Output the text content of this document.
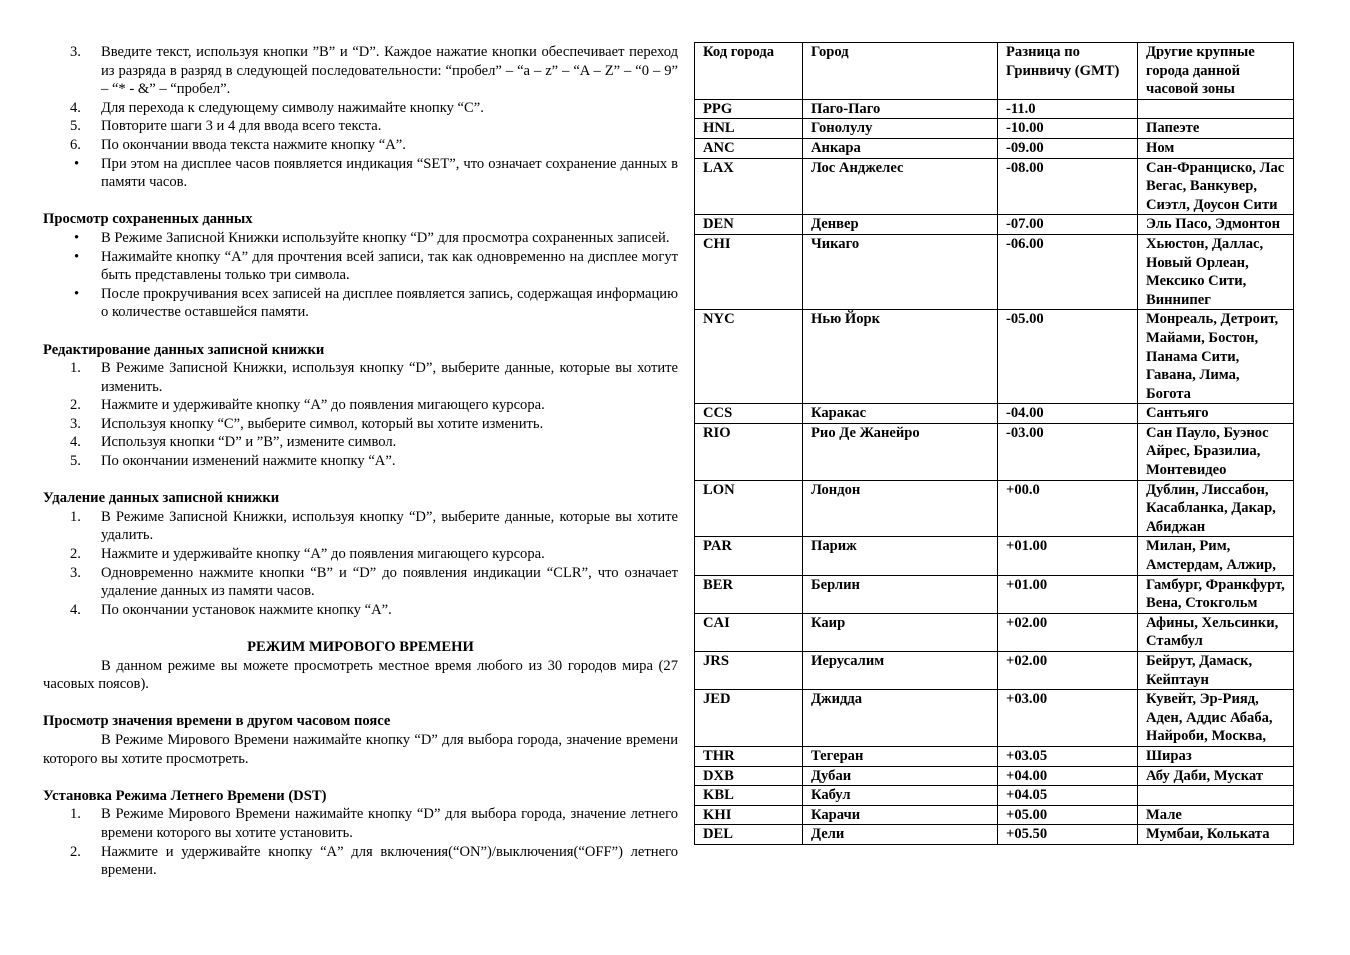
3. Введите текст, используя кнопки ”B” и “D”. Каждое нажатие кнопки обеспечивает переход из разряда в разряд в следующей последовательности: “пробел” – “a – z” – “A – Z” – “0 – 9” – “* - &” – “пробел”.
4. Для перехода к следующему символу нажимайте кнопку “C”.
5. Повторите шаги 3 и 4 для ввода всего текста.
6. По окончании ввода текста нажмите кнопку “A”.
• При этом на дисплее часов появляется индикация “SET”, что означает сохранение данных в памяти часов.

Просмотр сохраненных данных

• В Режиме Записной Книжки используйте кнопку “D” для просмотра сохраненных записей.
• Нажимайте кнопку “A” для прочтения всей записи, так как одновременно на дисплее могут быть представлены только три символа.
• После прокручивания всех записей на дисплее появляется запись, содержащая информацию о количестве оставшейся памяти.

Редактирование данных записной книжки

1. В Режиме Записной Книжки, используя кнопку “D”, выберите данные, которые вы хотите изменить.
2. Нажмите и удерживайте кнопку “A” до появления мигающего курсора.
3. Используя кнопку “C”, выберите символ, который вы хотите изменить.
4. Используя кнопки “D” и ”B”, измените символ.
5. По окончании изменений нажмите кнопку “A”.

Удаление данных записной книжки

1. В Режиме Записной Книжки, используя кнопку “D”, выберите данные, которые вы хотите удалить.
2. Нажмите и удерживайте кнопку “A” до появления мигающего курсора.
3. Одновременно нажмите кнопки “B” и “D” до появления индикации “CLR”, что означает удаление данных из памяти часов.
4. По окончании установок нажмите кнопку “A”.

РЕЖИМ МИРОВОГО ВРЕМЕНИ

В данном режиме вы можете просмотреть местное время любого из 30 городов мира (27 часовых поясов).

Просмотр значения времени в другом часовом поясе

В Режиме Мирового Времени нажимайте кнопку “D” для выбора города, значение времени которого вы хотите просмотреть.

Установка Режима Летнего Времени (DST)

1. В Режиме Мирового Времени нажимайте кнопку “D” для выбора города, значение летнего времени которого вы хотите установить.
2. Нажмите и удерживайте кнопку “A” для включения(“ON”)/выключения(“OFF”) летнего времени.
Код города	Город	Разница по Гринвичу (GMT)	Другие крупные города данной часовой зоны
PPG	Паго-Паго	-11.0	
HNL	Гонолулу	-10.00	Папеэте
ANC	Анкара	-09.00	Ном
LAX	Лос Анджелес	-08.00	Сан-Франциско, Лас Вегас, Ванкувер, Сиэтл, Доусон Сити
DEN	Денвер	-07.00	Эль Пасо, Эдмонтон
CHI	Чикаго	-06.00	Хьюстон, Даллас, Новый Орлеан, Мексико Сити, Виннипег
NYC	Нью Йорк	-05.00	Монреаль, Детроит, Майами, Бостон, Панама Сити, Гавана, Лима, Богота
CCS	Каракас	-04.00	Сантьяго
RIO	Рио Де Жанейро	-03.00	Сан Пауло, Буэнос Айрес, Бразилиа, Монтевидео
LON	Лондон	+00.0	Дублин, Лиссабон, Касабланка, Дакар, Абиджан
PAR	Париж	+01.00	Милан, Рим, Амстердам, Алжир,
BER	Берлин	+01.00	Гамбург, Франкфурт, Вена, Стокгольм
CAI	Каир	+02.00	Афины, Хельсинки, Стамбул
JRS	Иерусалим	+02.00	Бейрут, Дамаск, Кейптаун
JED	Джидда	+03.00	Кувейт, Эр-Рияд, Аден, Аддис Абаба, Найроби, Москва,
THR	Тегеран	+03.05	Шираз
DXB	Дубаи	+04.00	Абу Даби, Мускат
KBL	Кабул	+04.05	
KHI	Карачи	+05.00	Мале
DEL	Дели	+05.50	Мумбаи, Кольката
